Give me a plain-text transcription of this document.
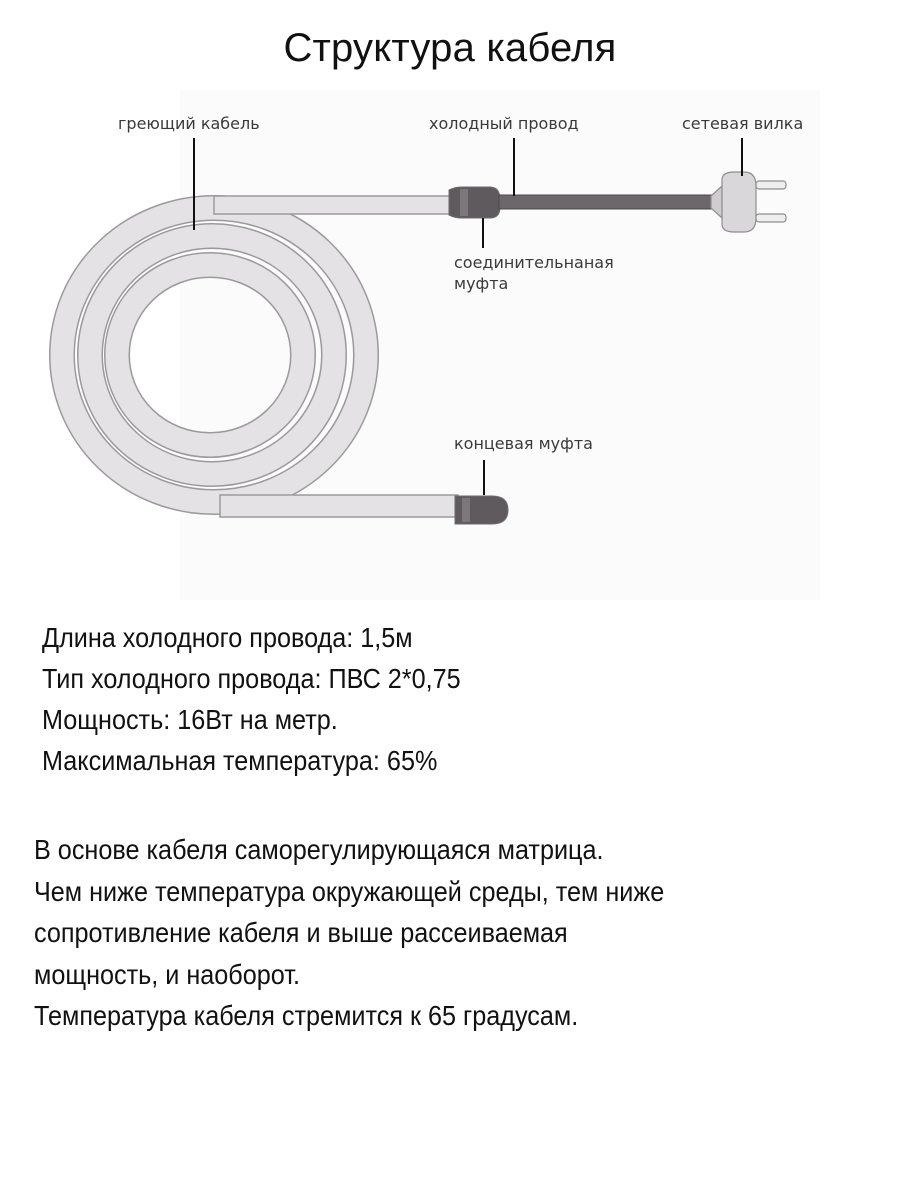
Структура кабеля
греющий кабель	холодный провод	сетевая вилка
соединительнаная
муфта
концевая муфта
Длина холодного провода: 1,5м
Тип холодного провода: ПВС 2*0,75
Мощность: 16Вт на метр.
Максимальная температура: 65%
В основе кабеля саморегулирующаяся матрица.
Чем ниже температура окружающей среды, тем ниже
сопротивление кабеля и выше рассеиваемая
мощность, и наоборот.
Температура кабеля стремится к 65 градусам.
